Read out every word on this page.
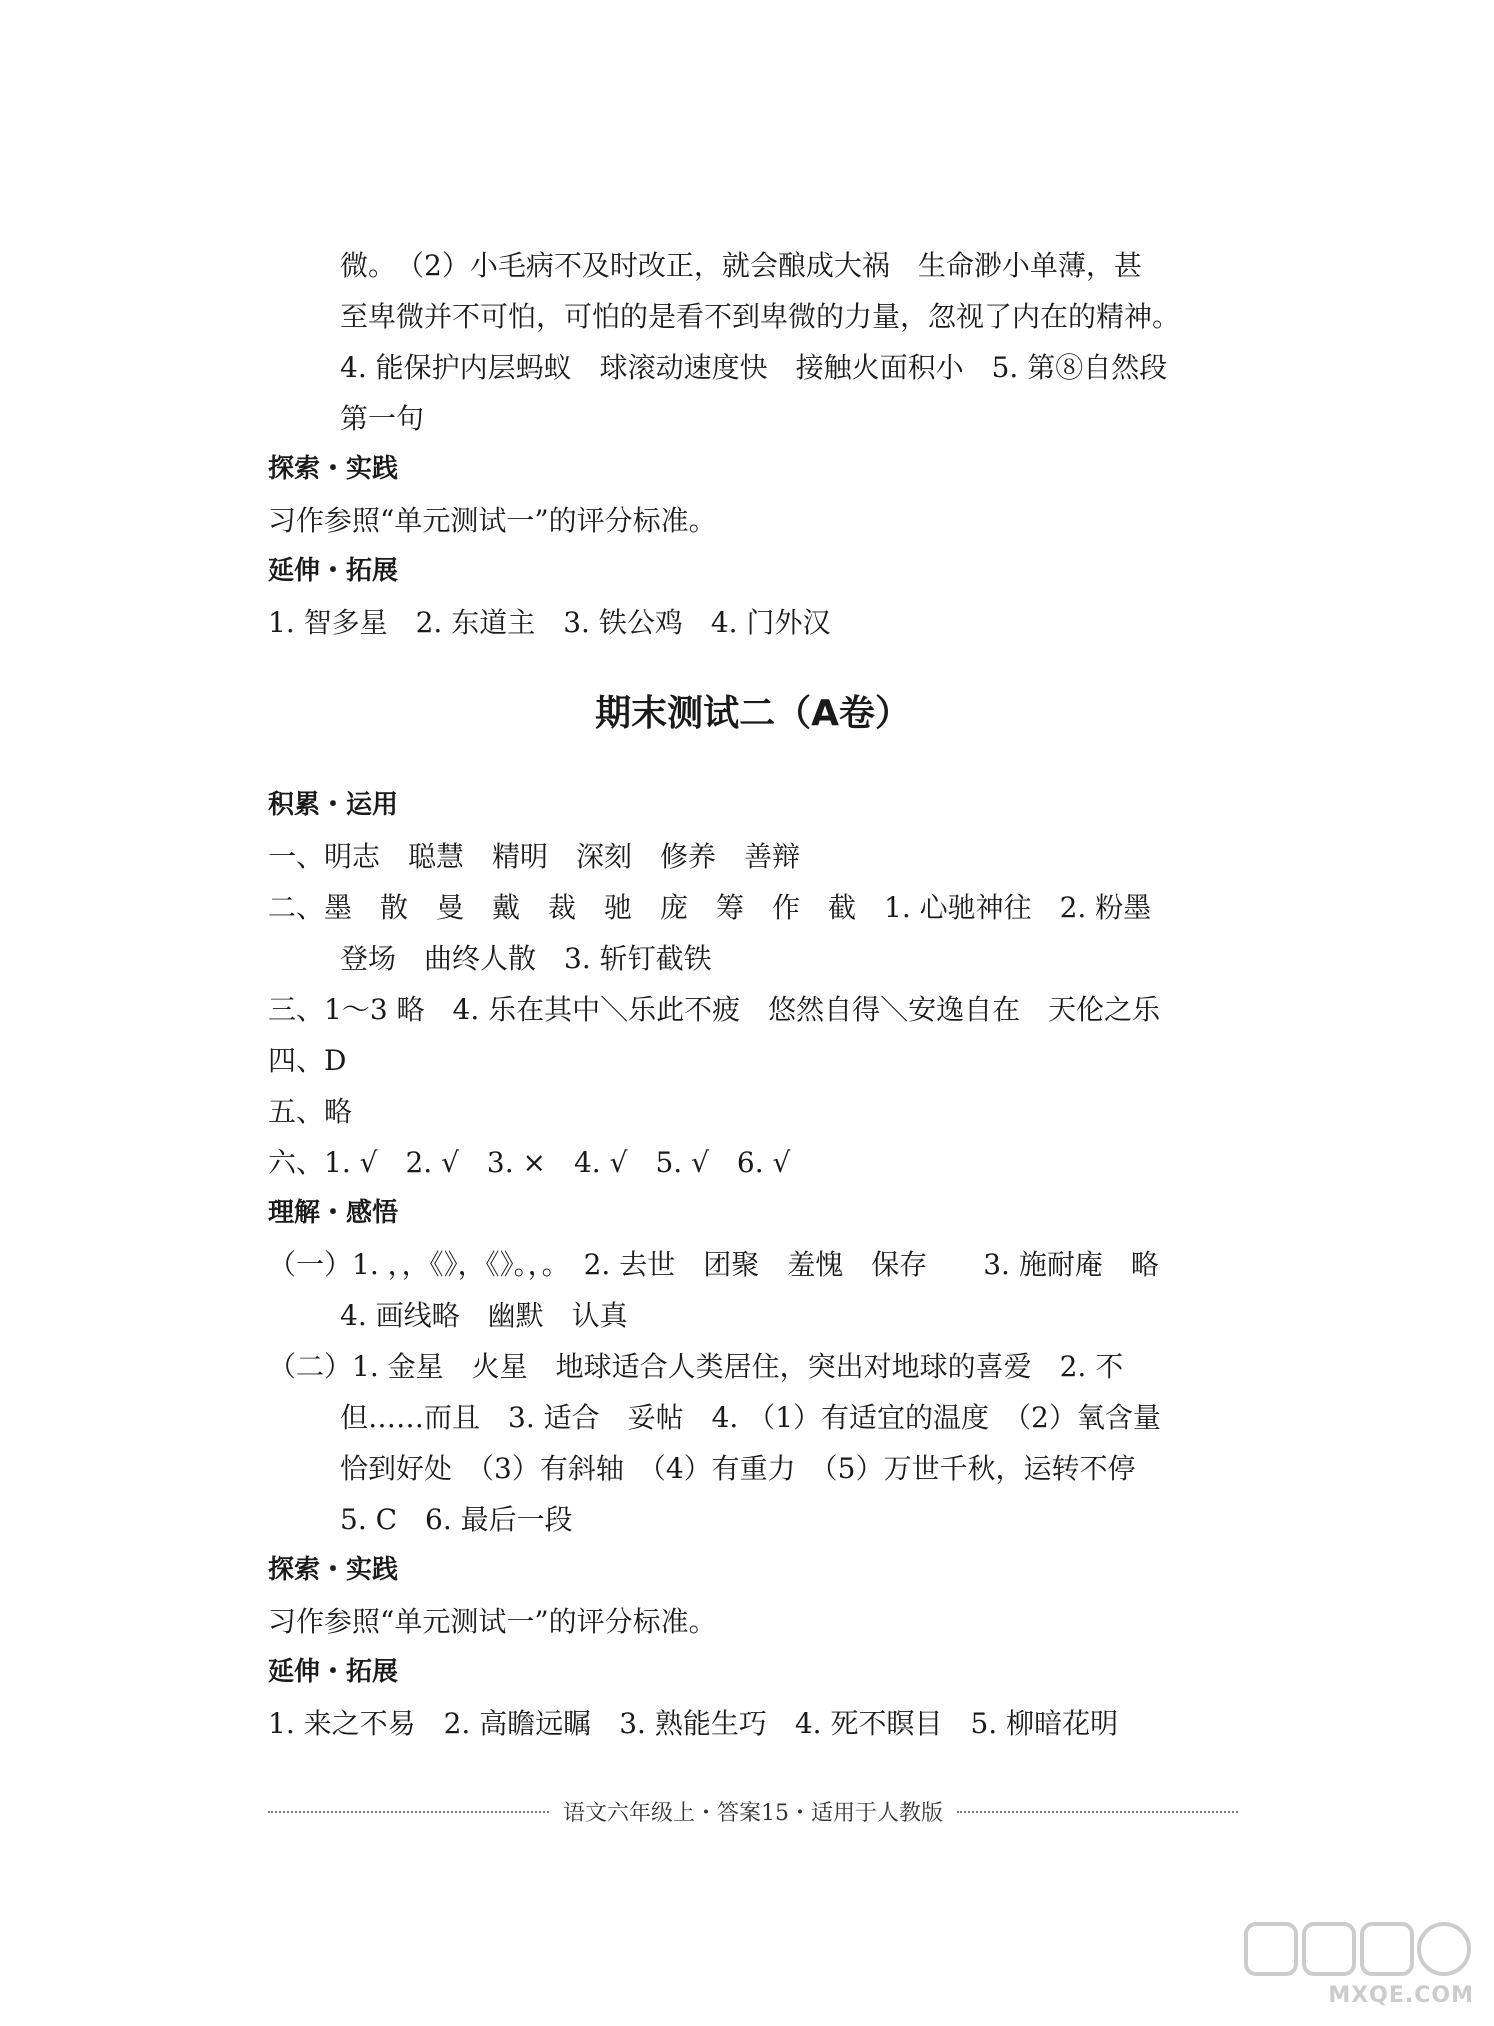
微。　（2）小毛病不及时改正，就会酿成大祸　生命渺小单薄，甚
至卑微并不可怕，可怕的是看不到卑微的力量，忽视了内在的精神。
4. 能保护内层蚂蚁　球滚动速度快　接触火面积小　5. 第⑧自然段
第一句
探索・实践
习作参照“单元测试一”的评分标准。
延伸・拓展
1. 智多星　2. 东道主　3. 铁公鸡　4. 门外汉
期末测试二（A卷）
积累・运用
一、明志　聪慧　精明　深刻　修养　善辩
二、墨　散　曼　戴　裁　驰　庞　筹　作　截　1. 心驰神往　2. 粉墨
登场　曲终人散　3. 斩钉截铁
三、1～3 略　4. 乐在其中＼乐此不疲　悠然自得＼安逸自在　天伦之乐
四、D
五、略
六、1. √　2. √　3. ×　4. √　5. √　6. √
理解・感悟
（一）1. ，，《》，《》。，。　2. 去世　团聚　羞愧　保存　　3. 施耐庵　略
4. 画线略　幽默　认真
（二）1. 金星　火星　地球适合人类居住，突出对地球的喜爱　2. 不
但……而且　3. 适合　妥帖　4. （1）有适宜的温度　（2）氧含量
恰到好处　（3）有斜轴　（4）有重力　（5）万世千秋，运转不停
5. C　6. 最后一段
探索・实践
习作参照“单元测试一”的评分标准。
延伸・拓展
1. 来之不易　2. 高瞻远瞩　3. 熟能生巧　4. 死不瞑目　5. 柳暗花明
语文六年级上・答案15・适用于人教版
MXQE.COM
